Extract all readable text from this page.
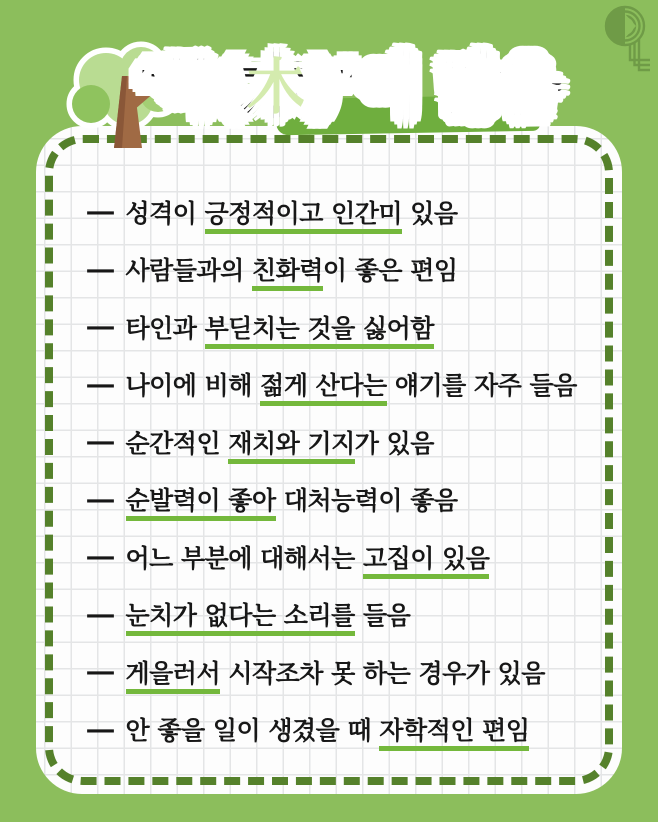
‘목(木)’이 많음
— 성격이 긍정적이고 인간미 있음
— 사람들과의 친화력이 좋은 편임
— 타인과 부딛치는 것을 싫어함
— 나이에 비해 젊게 산다는 얘기를 자주 들음
— 순간적인 재치와 기지가 있음
— 순발력이 좋아 대처능력이 좋음
— 어느 부분에 대해서는 고집이 있음
— 눈치가 없다는 소리를 들음
— 게을러서 시작조차 못 하는 경우가 있음
— 안 좋을 일이 생겼을 때 자학적인 편임
